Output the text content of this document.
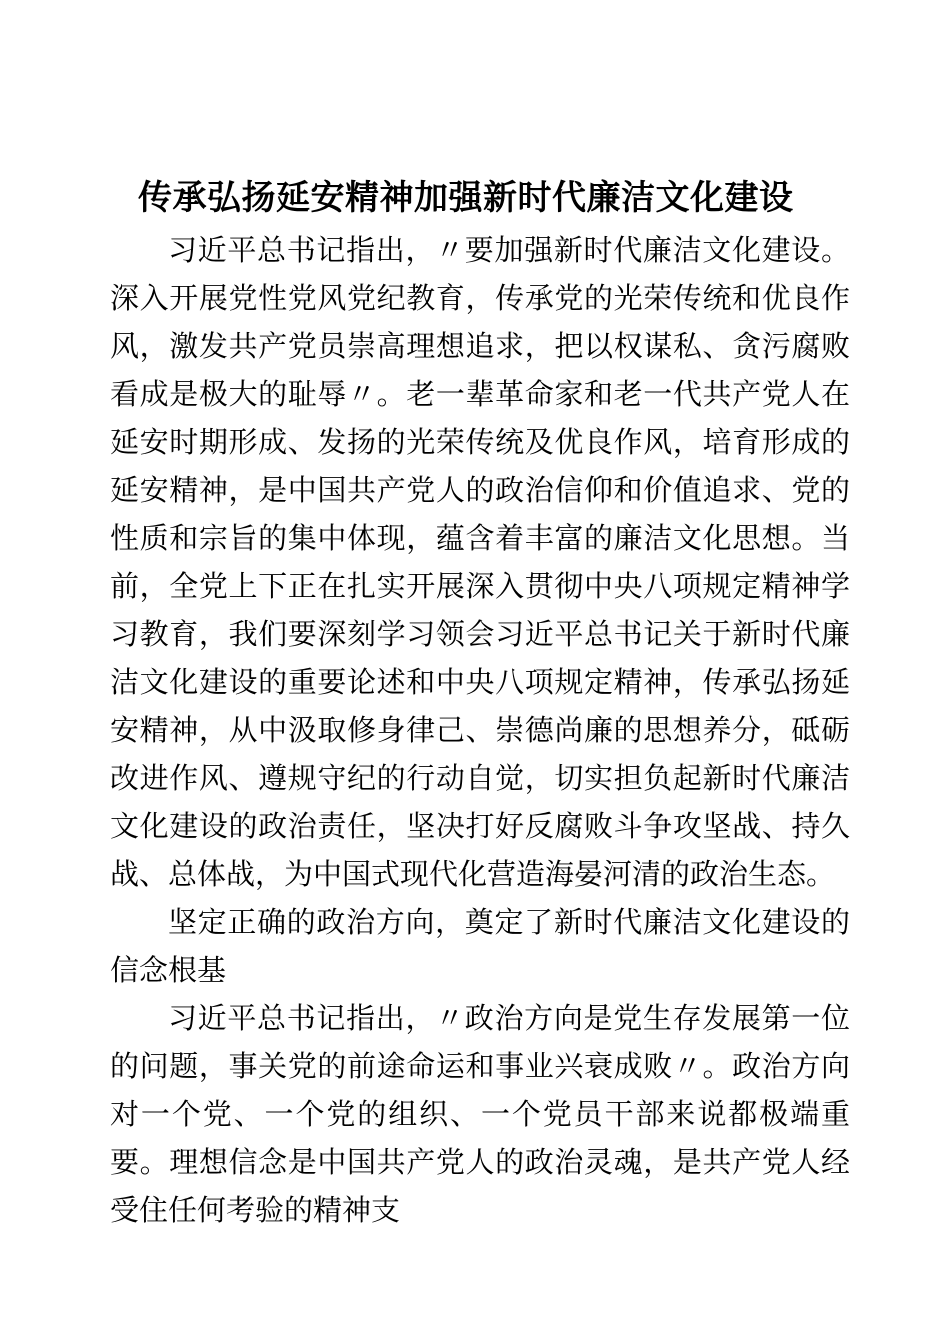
传承弘扬延安精神加强新时代廉洁文化建设

习近平总书记指出，〃要加强新时代廉洁文化建设。深入开展党性党风党纪教育，传承党的光荣传统和优良作风，激发共产党员崇高理想追求，把以权谋私、贪污腐败看成是极大的耻辱〃。老一辈革命家和老一代共产党人在延安时期形成、发扬的光荣传统及优良作风，培育形成的延安精神，是中国共产党人的政治信仰和价值追求、党的性质和宗旨的集中体现，蕴含着丰富的廉洁文化思想。当前，全党上下正在扎实开展深入贯彻中央八项规定精神学习教育，我们要深刻学习领会习近平总书记关于新时代廉洁文化建设的重要论述和中央八项规定精神，传承弘扬延安精神，从中汲取修身律己、崇德尚廉的思想养分，砥砺改进作风、遵规守纪的行动自觉，切实担负起新时代廉洁文化建设的政治责任，坚决打好反腐败斗争攻坚战、持久战、总体战，为中国式现代化营造海晏河清的政治生态。

坚定正确的政治方向，奠定了新时代廉洁文化建设的信念根基

习近平总书记指出，〃政治方向是党生存发展第一位的问题，事关党的前途命运和事业兴衰成败〃。政治方向对一个党、一个党的组织、一个党员干部来说都极端重要。理想信念是中国共产党人的政治灵魂，是共产党人经受住任何考验的精神支
